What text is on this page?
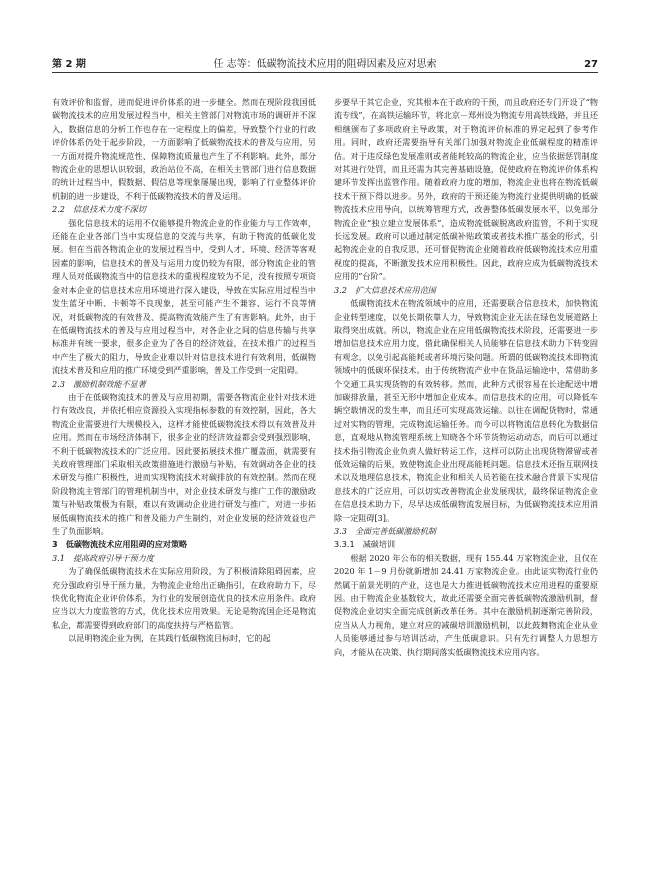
第 2 期	任 志等：低碳物流技术应用的阻碍因素及应对思索	27

有效评价和监督，进而促进评价体系的进一步健全。然而在现阶段我国低碳物流技术的应用发展过程当中，相关主管部门对物流市场的调研并不深入，数据信息的分析工作也存在一定程度上的偏差，导致整个行业的行政评价体系仍处于起步阶段，一方面影响了低碳物流技术的普及与应用，另一方面对提升物流规范性、保障物流质量也产生了不利影响。此外，部分物流企业的思想认识较弱，政治站位不高，在相关主管部门进行信息数据的统计过程当中，假数据、假信息等现象屡屡出现，影响了行业整体评价机制的进一步建设，不利于低碳物流技术的普及运用。

2.2　信息技术力度不深切

强化信息技术的运用不仅能够提升物流企业的作业能力与工作效率，还能在企业各部门当中实现信息的交流与共享，有助于物流的低碳化发展。但在当前各物流企业的发展过程当中，受到人才、环境、经济等客观因素的影响，信息技术的普及与运用力度仍较为有限，部分物流企业的管理人员对低碳物流当中的信息技术的重视程度较为不足，没有按照专项资金对本企业的信息技术应用环境进行深入建设，导致在实际应用过程当中发生蓝牙中断、卡顿等不良现象，甚至可能产生不兼容、运行不良等情况，对低碳物流的有效普及、提高物流效能产生了有害影响。此外，由于在低碳物流技术的普及与应用过程当中，对各企业之间的信息传输与共享标准并有统一要求，很多企业为了各自的经济效益，在技术推广的过程当中产生了极大的阻力，导致企业难以针对信息技术进行有效利用，低碳物流技术普及和应用的推广环境受到严重影响，普及工作受到一定阻碍。

2.3　激励机制效能不显著

由于在低碳物流技术的普及与应用初期，需要各物流企业针对技术进行有效改良，并依托相应资源投入实现指标参数的有效控制，因此，各大物流企业需要进行大规模投入，这样才能使低碳物流技术得以有效普及并应用。然而在市场经济体制下，很多企业的经济效益都会受到强烈影响，不利于低碳物流技术的广泛应用。因此要拓展技术推广覆盖面，就需要有关政府管理部门采取相关政策措施进行激励与补贴，有效调动各企业的技术研发与推广积极性，进而实现物流技术对碳排放的有效控制。然而在现阶段物流主管部门的管理机制当中，对企业技术研发与推广工作的激励政策与补贴政策极为有限，难以有效调动企业进行研发与推广，对进一步拓展低碳物流技术的推广和普及能力产生制约，对企业发展的经济效益也产生了负面影响。

3　低碳物流技术应用阻碍的应对策略
3.1　提高政府引导干预力度

为了确保低碳物流技术在实际应用阶段，为了积极清除阻碍因素，应充分强政府引导干预力量，为物流企业给出正确指引，在政府助力下，尽快优化物流企业评价体系，为行业的发展创造优良的技术应用条件。政府应当以大力度监管的方式，优化技术应用效果。无论是物流国企还是物流私企，都需要得到政府部门的高度扶持与严格监管。

以昆明物流企业为例，在其践行低碳物流目标时，它的起

步要早于其它企业，究其根本在于政府的干预，而且政府还专门开设了“物流专线”，在高铁运输环节，将北京－郑州设为物流专用高铁线路，并且还相继颁布了多项政府主导政策，对于物流评价标准的界定起到了参考作用。同时，政府还需要指导有关部门加强对物流企业低碳程度的精准评估。对于违反绿色发展准则或者能耗较高的物流企业，应当依据惩罚制度对其进行处罚，而且还需为其完善基础设施，促使政府在物流评价体系构建环节发挥出监管作用。随着政府力度的增加，物流企业也将在物流低碳技术干预下得以进步。另外，政府的干预还能为物流行业提供明确的低碳物流技术应用导向，以统筹管理方式，改善整体低碳发展水平，以免部分物流企业“独立建立发展体系”，造成物流低碳脱离政府监管，不利于实现长远发展。政府可以通过制定低碳补贴政策或者技术推广基金的形式，引起物流企业的自我反思，还可督促物流企业随着政府低碳物流技术应用重视度的提高，不断激发技术应用积极性。因此，政府应成为低碳物流技术应用的“台阶”。

3.2　扩大信息技术应用范围

低碳物流技术在物流领域中的应用，还需要联合信息技术，加快物流企业转型速度，以免长期依靠人力，导致物流企业无法在绿色发展道路上取得突出成就。所以，物流企业在应用低碳物流技术阶段，还需要进一步增加信息技术应用力度，借此确保相关人员能够在信息技术助力下转变固有观念，以免引起高能耗或者环境污染问题。所谓的低碳物流技术即物流领域中的低碳环保技术。由于传统物流产业中在货品运输途中，常借助多个交通工具实现货物的有效转移。然而，此种方式很容易在长途配送中增加碳排放量，甚至无形中增加企业成本。而信息技术的应用，可以降低车辆空载情况的发生率，而且还可实现高效运输。以往在调配货物时，常通过对实物的管理，完成物流运输任务。而今可以将物流信息转化为数据信息，直观地从物流管理系统上知晓各个环节货物运动动态，而后可以通过技术指引物流企业负责人做好转运工作，这样可以防止出现货物滞留或者低效运输的后果，致使物流企业出现高能耗问题。信息技术还指互联网技术以及地理信息技术，物流企业和相关人员若能在技术融合背景下实现信息技术的广泛应用，可以切实改善物流企业发展现状，最终保证物流企业在信息技术助力下，尽早达成低碳物流发展目标，为低碳物流技术应用消除一定阻碍[3]。

3.3　全面完善低碳激励机制
3.3.1　减碳培训

根据 2020 年公布的相关数据，现有 155.44 万家物流企业，且仅在 2020 年 1－9 月份就新增加 24.41 万家物流企业。由此证实物流行业仍然属于前景光明的产业，这也是大力推进低碳物流技术应用进程的重要原因。由于物流企业基数较大，故此还需要全面完善低碳物流激励机制，督促物流企业切实全面完成创新改革任务。其中在激励机制逐渐完善阶段，应当从人力视角，建立对应的减碳培训激励机制，以此鼓舞物流企业从业人员能够通过参与培训活动，产生低碳意识。只有先行调整人力思想方向，才能从在决策、执行期间落实低碳物流技术应用内容。
